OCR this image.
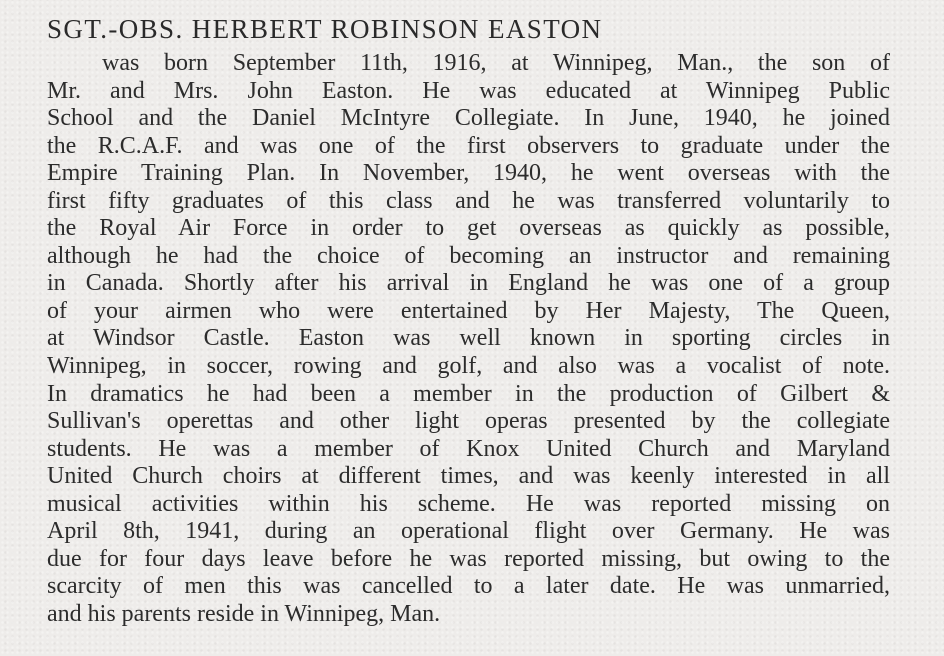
SGT.-OBS. HERBERT ROBINSON EASTON
was born September 11th, 1916, at Winnipeg, Man., the son of
Mr. and Mrs. John Easton. He was educated at Winnipeg Public
School and the Daniel McIntyre Collegiate. In June, 1940, he joined
the R.C.A.F. and was one of the first observers to graduate under the
Empire Training Plan. In November, 1940, he went overseas with the
first fifty graduates of this class and he was transferred voluntarily to
the Royal Air Force in order to get overseas as quickly as possible,
although he had the choice of becoming an instructor and remaining
in Canada. Shortly after his arrival in England he was one of a group
of your airmen who were entertained by Her Majesty, The Queen,
at Windsor Castle. Easton was well known in sporting circles in
Winnipeg, in soccer, rowing and golf, and also was a vocalist of note.
In dramatics he had been a member in the production of Gilbert &
Sullivan's operettas and other light operas presented by the collegiate
students. He was a member of Knox United Church and Maryland
United Church choirs at different times, and was keenly interested in all
musical activities within his scheme. He was reported missing on
April 8th, 1941, during an operational flight over Germany. He was
due for four days leave before he was reported missing, but owing to the
scarcity of men this was cancelled to a later date. He was unmarried,
and his parents reside in Winnipeg, Man.
